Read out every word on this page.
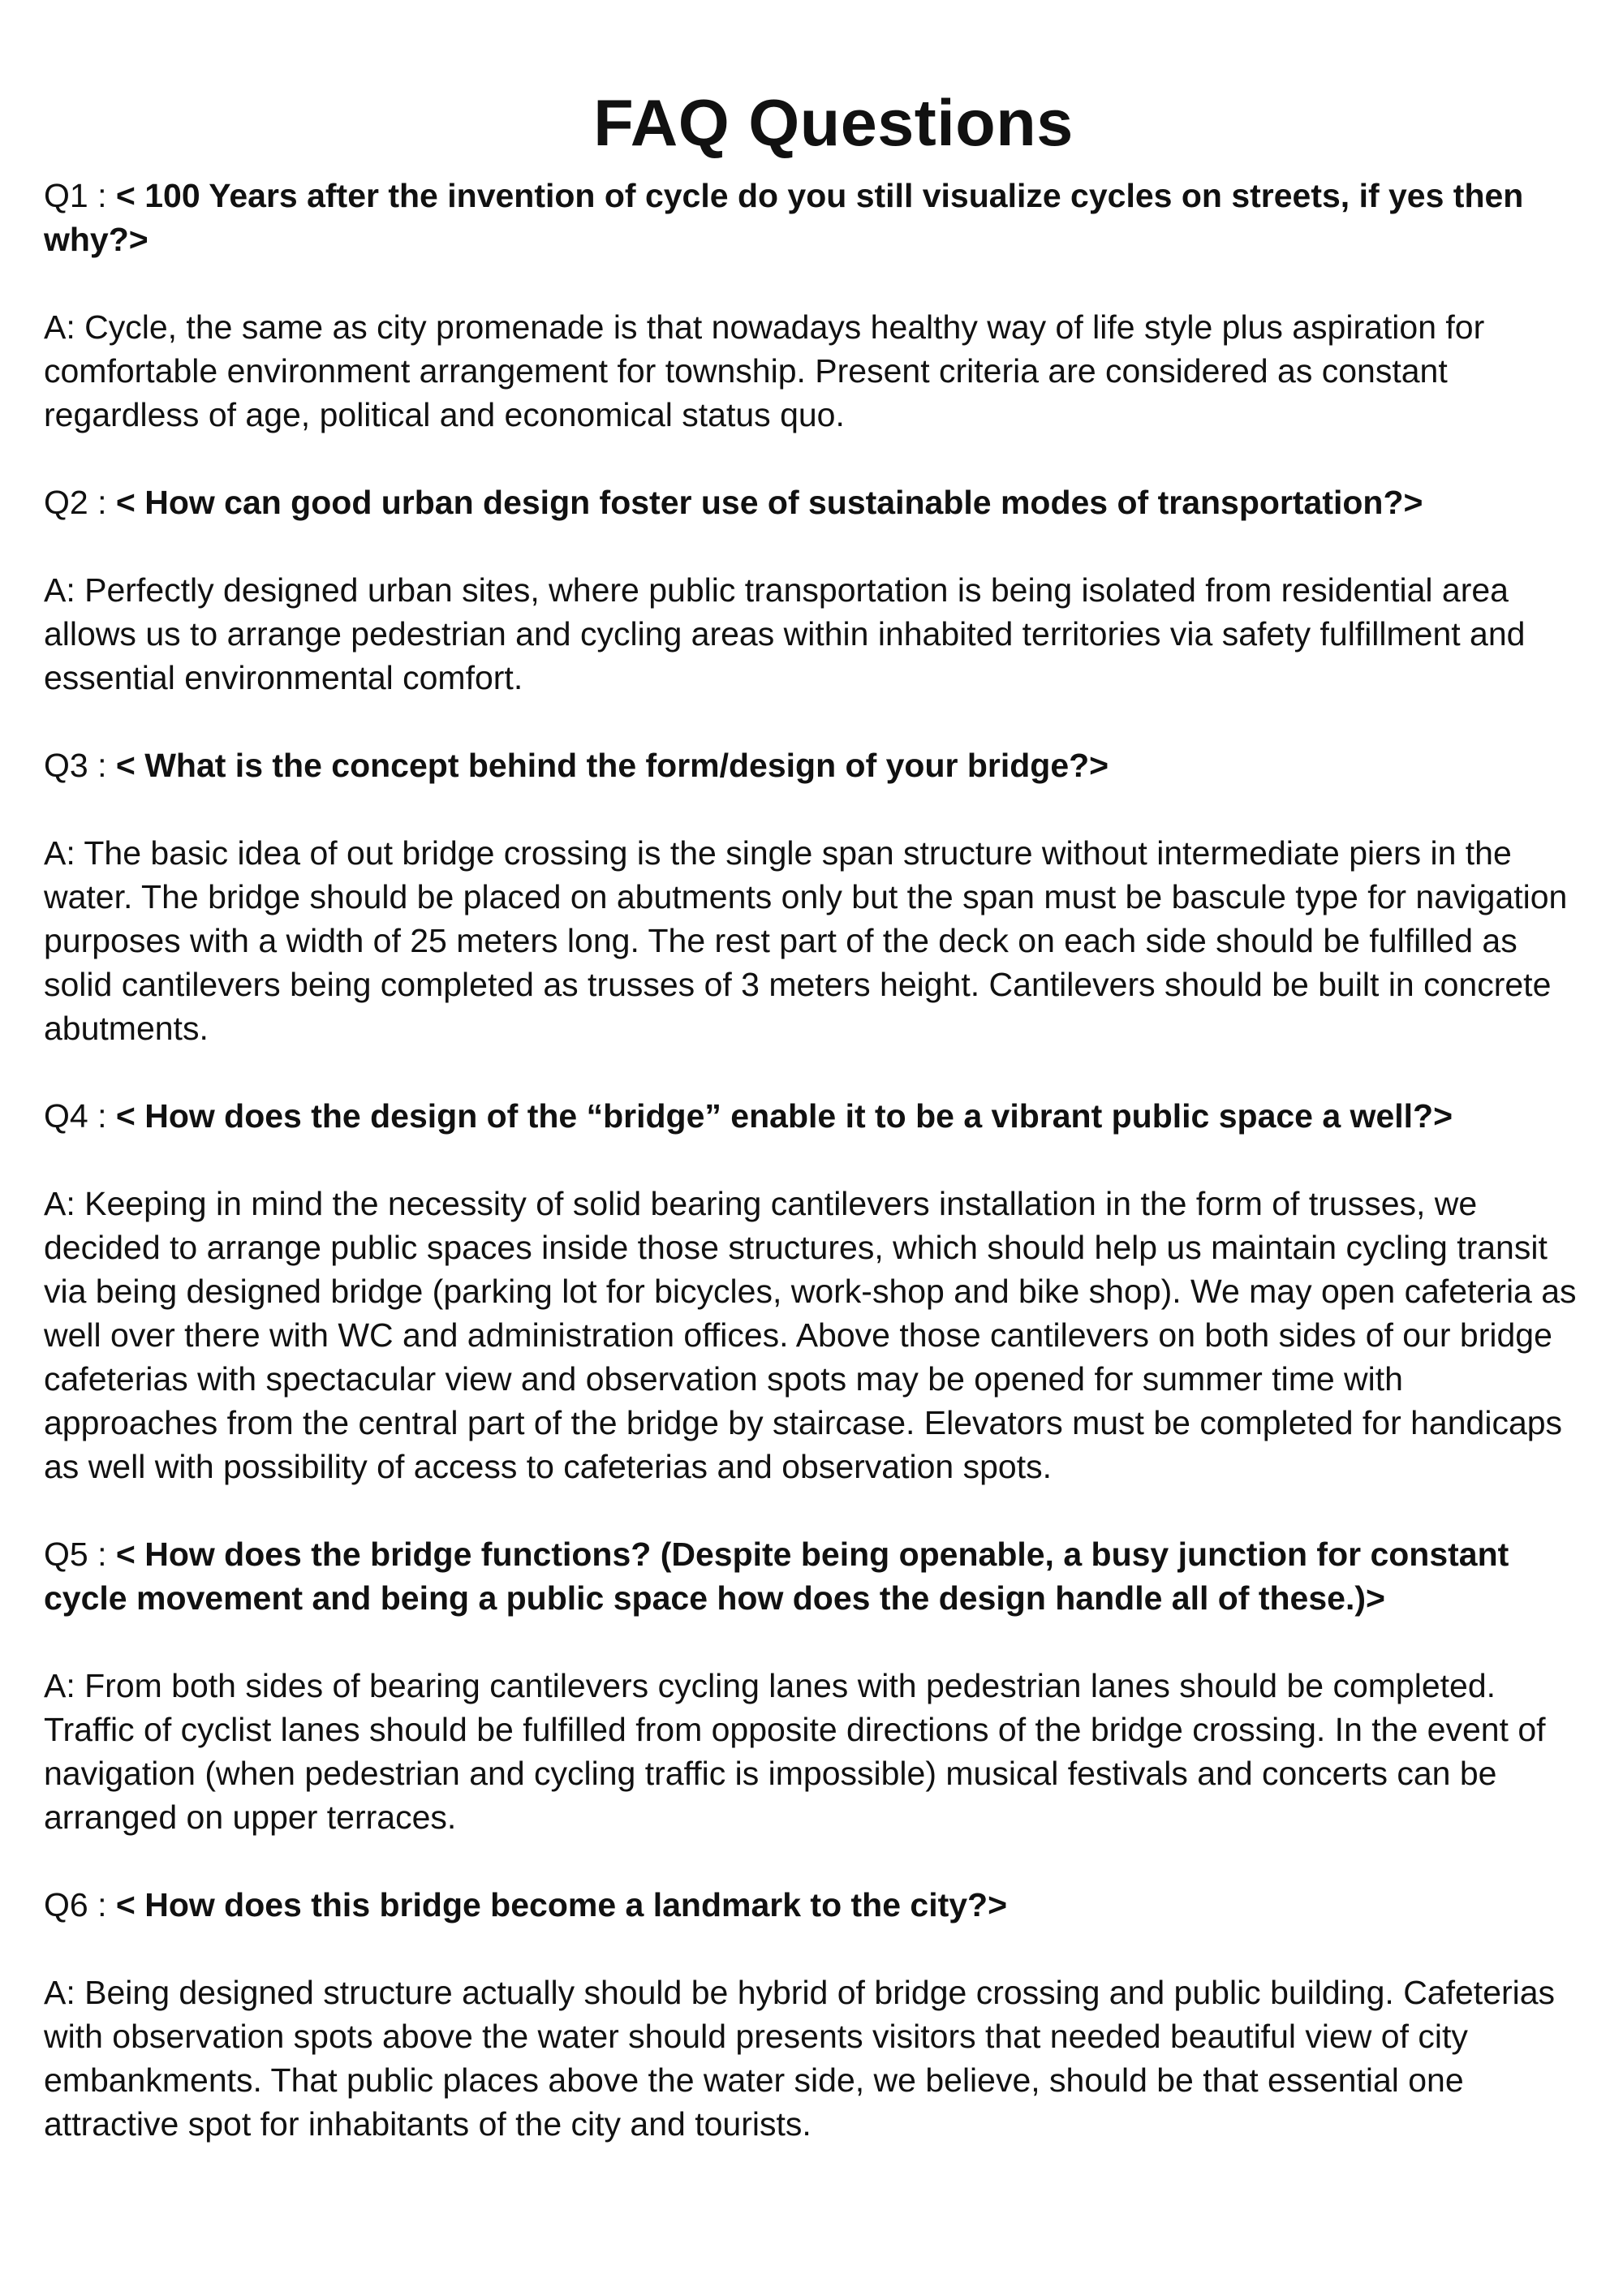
FAQ Questions

Q1 : < 100 Years after the invention of cycle do you still visualize cycles on streets, if yes then why?>

A: Cycle, the same as city promenade is that nowadays healthy way of life style plus aspiration for comfortable environment arrangement for township. Present criteria are considered as constant regardless of age, political and economical status quo.

Q2 : < How can good urban design foster use of sustainable modes of transportation?>

A: Perfectly designed urban sites, where public transportation is being isolated from residential area allows us to arrange pedestrian and cycling areas within inhabited territories via safety fulfillment and essential environmental comfort.

Q3 : < What is the concept behind the form/design of your bridge?>

A: The basic idea of out bridge crossing is the single span structure without intermediate piers in the water. The bridge should be placed on abutments only but the span must be bascule type for navigation purposes with a width of 25 meters long. The rest part of the deck on each side should be fulfilled as solid cantilevers being completed as trusses of 3 meters height. Cantilevers should be built in concrete abutments.

Q4 : < How does the design of the “bridge” enable it to be a vibrant public space a well?>

A: Keeping in mind the necessity of solid bearing cantilevers installation in the form of trusses, we decided to arrange public spaces inside those structures, which should help us maintain cycling transit via being designed bridge (parking lot for bicycles, work-shop and bike shop). We may open cafeteria as well over there with WC and administration offices. Above those cantilevers on both sides of our bridge cafeterias with spectacular view and observation spots may be opened for summer time with approaches from the central part of the bridge by staircase. Elevators must be completed for handicaps as well with possibility of access to cafeterias and observation spots.

Q5 : < How does the bridge functions? (Despite being openable, a busy junction for constant cycle movement and being a public space how does the design handle all of these.)>

A: From both sides of bearing cantilevers cycling lanes with pedestrian lanes should be completed. Traffic of cyclist lanes should be fulfilled from opposite directions of the bridge crossing. In the event of navigation (when pedestrian and cycling traffic is impossible) musical festivals and concerts can be arranged on upper terraces.

Q6 : < How does this bridge become a landmark to the city?>

A: Being designed structure actually should be hybrid of bridge crossing and public building. Cafeterias with observation spots above the water should presents visitors that needed beautiful view of city embankments. That public places above the water side, we believe, should be that essential one attractive spot for inhabitants of the city and tourists.
